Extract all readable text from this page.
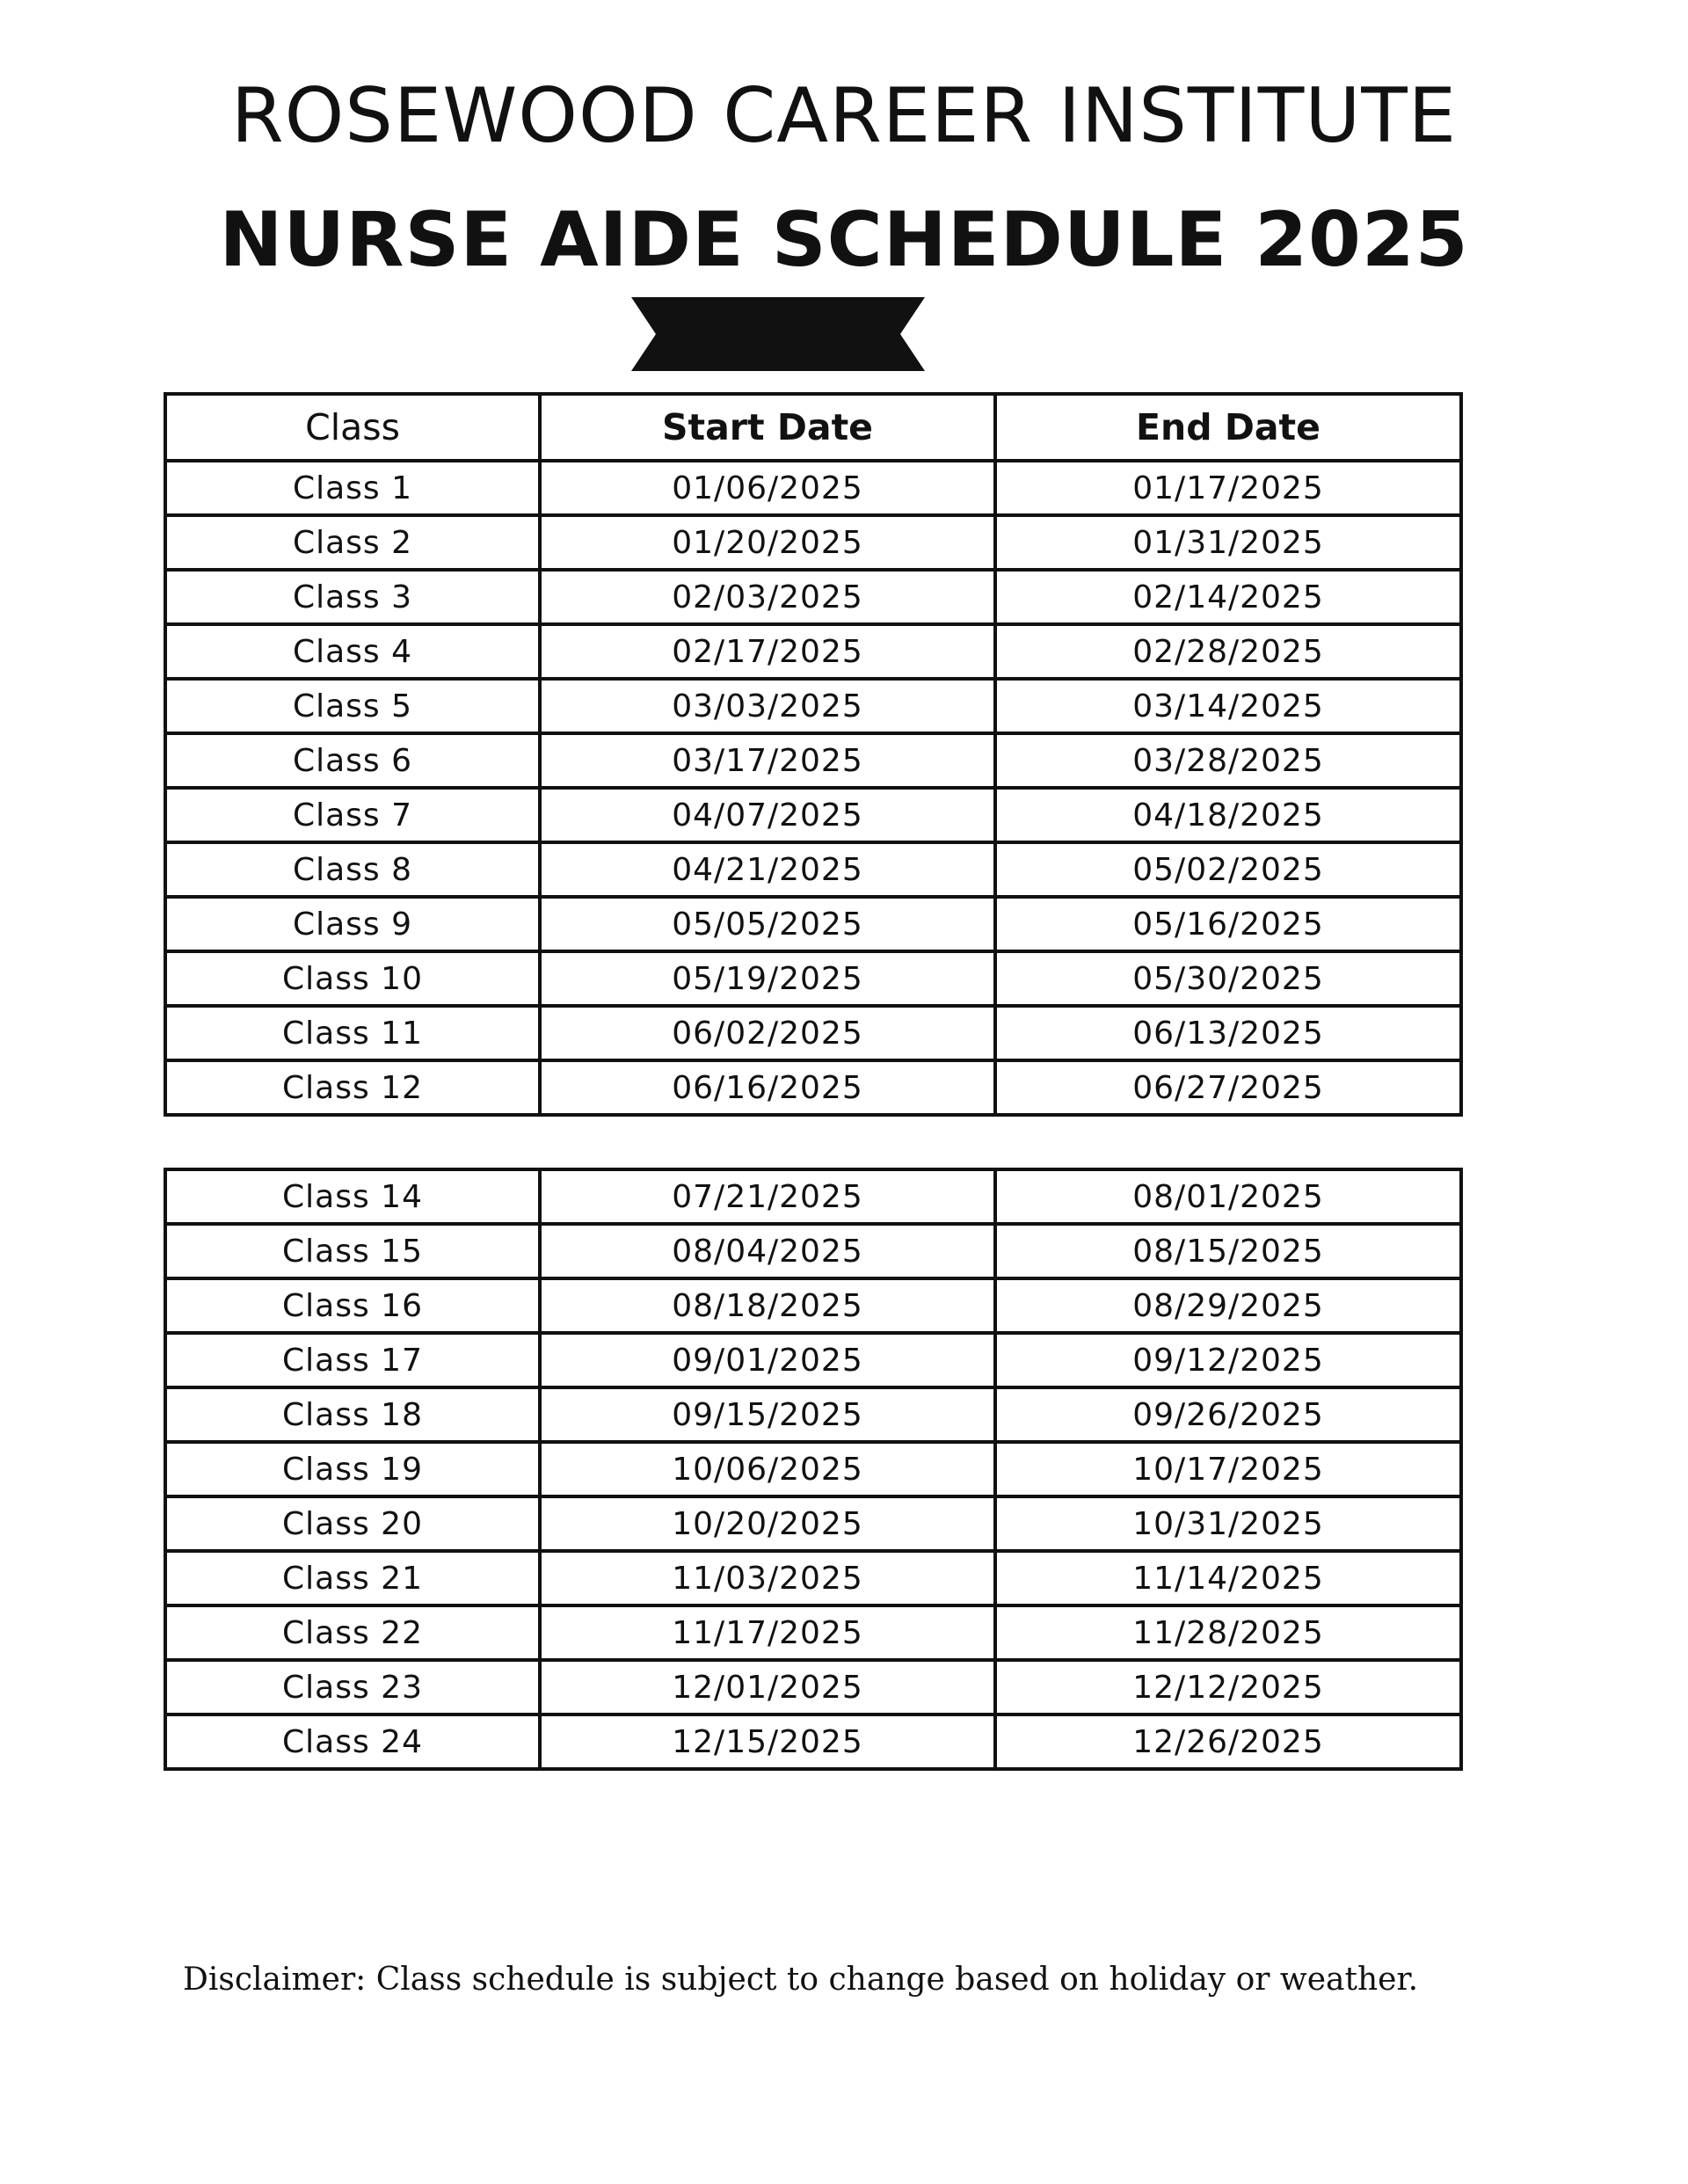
ROSEWOOD CAREER INSTITUTE
NURSE AIDE SCHEDULE 2025
Class	Start Date	End Date
Class 1	01/06/2025	01/17/2025
Class 2	01/20/2025	01/31/2025
Class 3	02/03/2025	02/14/2025
Class 4	02/17/2025	02/28/2025
Class 5	03/03/2025	03/14/2025
Class 6	03/17/2025	03/28/2025
Class 7	04/07/2025	04/18/2025
Class 8	04/21/2025	05/02/2025
Class 9	05/05/2025	05/16/2025
Class 10	05/19/2025	05/30/2025
Class 11	06/02/2025	06/13/2025
Class 12	06/16/2025	06/27/2025

Class 14	07/21/2025	08/01/2025
Class 15	08/04/2025	08/15/2025
Class 16	08/18/2025	08/29/2025
Class 17	09/01/2025	09/12/2025
Class 18	09/15/2025	09/26/2025
Class 19	10/06/2025	10/17/2025
Class 20	10/20/2025	10/31/2025
Class 21	11/03/2025	11/14/2025
Class 22	11/17/2025	11/28/2025
Class 23	12/01/2025	12/12/2025
Class 24	12/15/2025	12/26/2025
Disclaimer: Class schedule is subject to change based on holiday or weather.
